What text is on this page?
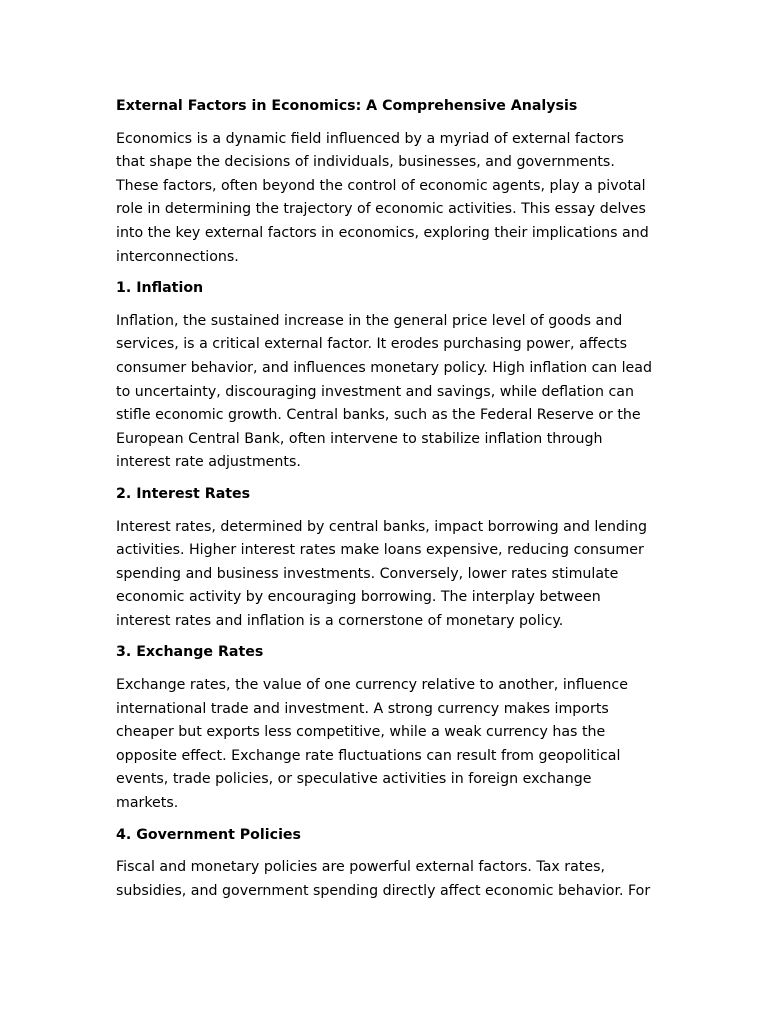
External Factors in Economics: A Comprehensive Analysis

Economics is a dynamic field influenced by a myriad of external factors that shape the decisions of individuals, businesses, and governments. These factors, often beyond the control of economic agents, play a pivotal role in determining the trajectory of economic activities. This essay delves into the key external factors in economics, exploring their implications and interconnections.

1. Inflation

Inflation, the sustained increase in the general price level of goods and services, is a critical external factor. It erodes purchasing power, affects consumer behavior, and influences monetary policy. High inflation can lead to uncertainty, discouraging investment and savings, while deflation can stifle economic growth. Central banks, such as the Federal Reserve or the European Central Bank, often intervene to stabilize inflation through interest rate adjustments.

2. Interest Rates

Interest rates, determined by central banks, impact borrowing and lending activities. Higher interest rates make loans expensive, reducing consumer spending and business investments. Conversely, lower rates stimulate economic activity by encouraging borrowing. The interplay between interest rates and inflation is a cornerstone of monetary policy.

3. Exchange Rates

Exchange rates, the value of one currency relative to another, influence international trade and investment. A strong currency makes imports cheaper but exports less competitive, while a weak currency has the opposite effect. Exchange rate fluctuations can result from geopolitical events, trade policies, or speculative activities in foreign exchange markets.

4. Government Policies

Fiscal and monetary policies are powerful external factors. Tax rates, subsidies, and government spending directly affect economic behavior. For
